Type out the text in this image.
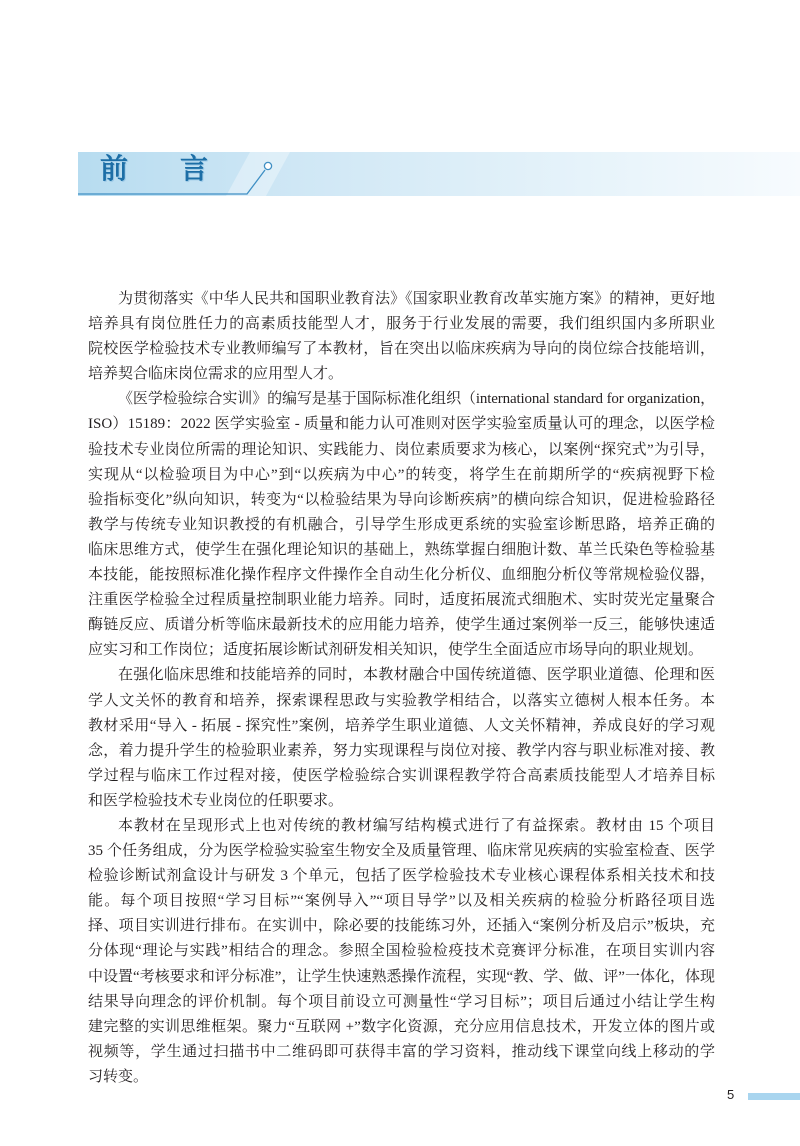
前言
为贯彻落实《中华人民共和国职业教育法》《国家职业教育改革实施方案》的精神，更好地
培养具有岗位胜任力的高素质技能型人才，服务于行业发展的需要，我们组织国内多所职业
院校医学检验技术专业教师编写了本教材，旨在突出以临床疾病为导向的岗位综合技能培训，
培养契合临床岗位需求的应用型人才。
《医学检验综合实训》的编写是基于国际标准化组织（international standard for organization，
ISO）15189：2022 医学实验室 - 质量和能力认可准则对医学实验室质量认可的理念，以医学检
验技术专业岗位所需的理论知识、实践能力、岗位素质要求为核心，以案例“探究式”为引导，
实现从“以检验项目为中心”到“以疾病为中心”的转变，将学生在前期所学的“疾病视野下检
验指标变化”纵向知识，转变为“以检验结果为导向诊断疾病”的横向综合知识，促进检验路径
教学与传统专业知识教授的有机融合，引导学生形成更系统的实验室诊断思路，培养正确的
临床思维方式，使学生在强化理论知识的基础上，熟练掌握白细胞计数、革兰氏染色等检验基
本技能，能按照标准化操作程序文件操作全自动生化分析仪、血细胞分析仪等常规检验仪器，
注重医学检验全过程质量控制职业能力培养。同时，适度拓展流式细胞术、实时荧光定量聚合
酶链反应、质谱分析等临床最新技术的应用能力培养，使学生通过案例举一反三，能够快速适
应实习和工作岗位；适度拓展诊断试剂研发相关知识，使学生全面适应市场导向的职业规划。
在强化临床思维和技能培养的同时，本教材融合中国传统道德、医学职业道德、伦理和医
学人文关怀的教育和培养，探索课程思政与实验教学相结合，以落实立德树人根本任务。本
教材采用“导入 - 拓展 - 探究性”案例，培养学生职业道德、人文关怀精神，养成良好的学习观
念，着力提升学生的检验职业素养，努力实现课程与岗位对接、教学内容与职业标准对接、教
学过程与临床工作过程对接，使医学检验综合实训课程教学符合高素质技能型人才培养目标
和医学检验技术专业岗位的任职要求。
本教材在呈现形式上也对传统的教材编写结构模式进行了有益探索。教材由 15 个项目
35 个任务组成，分为医学检验实验室生物安全及质量管理、临床常见疾病的实验室检查、医学
检验诊断试剂盒设计与研发 3 个单元，包括了医学检验技术专业核心课程体系相关技术和技
能。每个项目按照“学习目标”“案例导入”“项目导学”以及相关疾病的检验分析路径项目选
择、项目实训进行排布。在实训中，除必要的技能练习外，还插入“案例分析及启示”板块，充
分体现“理论与实践”相结合的理念。参照全国检验检疫技术竞赛评分标准，在项目实训内容
中设置“考核要求和评分标准”，让学生快速熟悉操作流程，实现“教、学、做、评”一体化，体现
结果导向理念的评价机制。每个项目前设立可测量性“学习目标”；项目后通过小结让学生构
建完整的实训思维框架。聚力“互联网 +”数字化资源，充分应用信息技术，开发立体的图片或
视频等，学生通过扫描书中二维码即可获得丰富的学习资料，推动线下课堂向线上移动的学
习转变。
5
